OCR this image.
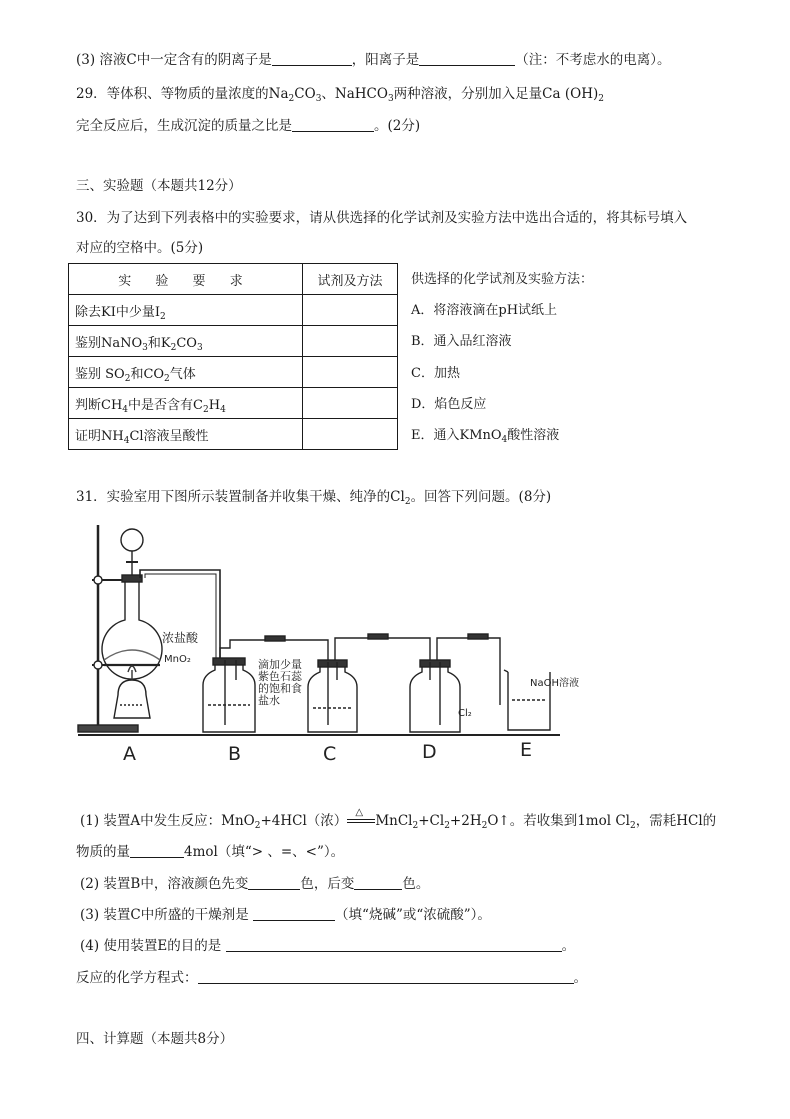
(3) 溶液C中一定含有的阴离子是	，阳离子是	（注：不考虑水的电离）。
29．等体积、等物质的量浓度的$Na_2CO_3$、NaHCO$_3$两种溶液，分别加入足量Ca $(OH)_2$
完全反应后，生成沉淀的质量之比是	。(2分)
三、实验题（本题共12分）
30．为了达到下列表格中的实验要求，请从供选择的化学试剂及实验方法中选出合适的，将其标号填入
对应的空格中。(5分)
实 验 要 求	试剂及方法
除去KI中少量$I_2$	
鉴别NaNO$_3$和$K_2CO_3$	
鉴别 $SO_2$和$CO_2$气体	
判断$CH_4$中是否含有$C_2H_4$	
证明$NH_4Cl$溶液呈酸性	
供选择的化学试剂及实验方法：
A．将溶液滴在pH试纸上
B．通入品红溶液
C．加热
D．焰色反应
E．通入KMnO$_4$酸性溶液
31．实验室用下图所示装置制备并收集干燥、纯净的$Cl_2$。回答下列问题。(8分)
浓盐酸
MnO₂	滴加少量
紫色石蕊
的饱和食
盐水
Cl₂
NaOH溶液
A	B	C	D	E
(1) 装置A中发生反应：MnO$_2$+4HCl（浓）
△
$MnCl_2+Cl_2+2H_2O↑$。若收集到1mol $Cl_2$，需耗HCl的
物质的量	4mol（填“> 、=、<”）。
(2) 装置B中，溶液颜色先变	色，后变	色。
(3) 装置C中所盛的干燥剂是	（填“烧碱”或“浓硫酸”）。
(4) 使用装置E的目的是	。
反应的化学方程式：	。
四、计算题（本题共8分）
